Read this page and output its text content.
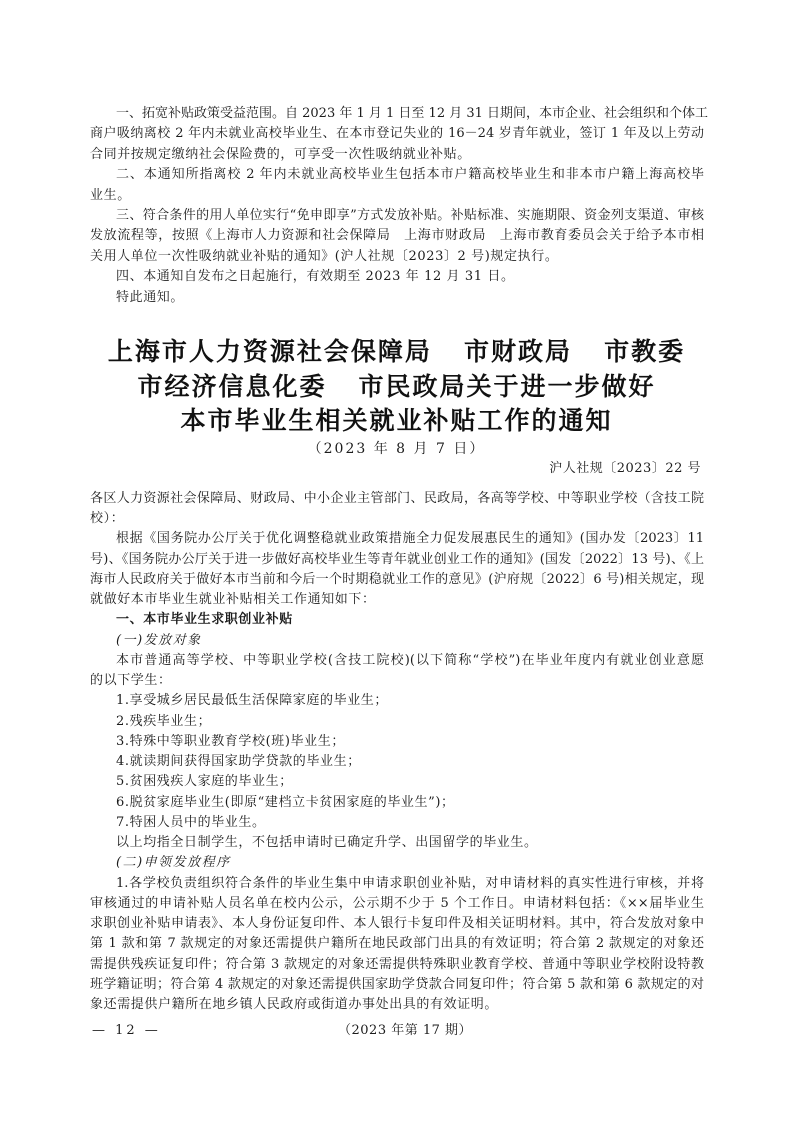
一、拓宽补贴政策受益范围。自 2023 年 1 月 1 日至 12 月 31 日期间，本市企业、社会组织和个体工
商户吸纳离校 2 年内未就业高校毕业生、在本市登记失业的 16－24 岁青年就业，签订 1 年及以上劳动
合同并按规定缴纳社会保险费的，可享受一次性吸纳就业补贴。
二、本通知所指离校 2 年内未就业高校毕业生包括本市户籍高校毕业生和非本市户籍上海高校毕
业生。
三、符合条件的用人单位实行“免申即享”方式发放补贴。补贴标准、实施期限、资金列支渠道、审核
发放流程等，按照《上海市人力资源和社会保障局　上海市财政局　上海市教育委员会关于给予本市相
关用人单位一次性吸纳就业补贴的通知》(沪人社规〔2023〕2 号)规定执行。
四、本通知自发布之日起施行，有效期至 2023 年 12 月 31 日。
特此通知。
上海市人力资源社会保障局   市财政局   市教委
市经济信息化委   市民政局关于进一步做好
本市毕业生相关就业补贴工作的通知
（2023 年 8 月 7 日）
沪人社规〔2023〕22 号
各区人力资源社会保障局、财政局、中小企业主管部门、民政局，各高等学校、中等职业学校（含技工院
校）：
根据《国务院办公厅关于优化调整稳就业政策措施全力促发展惠民生的通知》(国办发〔2023〕11
号)、《国务院办公厅关于进一步做好高校毕业生等青年就业创业工作的通知》(国发〔2022〕13 号)、《上
海市人民政府关于做好本市当前和今后一个时期稳就业工作的意见》(沪府规〔2022〕6 号)相关规定，现
就做好本市毕业生就业补贴相关工作通知如下：
一、本市毕业生求职创业补贴
(一)发放对象
本市普通高等学校、中等职业学校(含技工院校)(以下简称“学校”)在毕业年度内有就业创业意愿
的以下学生：
1.享受城乡居民最低生活保障家庭的毕业生；
2.残疾毕业生；
3.特殊中等职业教育学校(班)毕业生；
4.就读期间获得国家助学贷款的毕业生；
5.贫困残疾人家庭的毕业生；
6.脱贫家庭毕业生(即原“建档立卡贫困家庭的毕业生”)；
7.特困人员中的毕业生。
以上均指全日制学生，不包括申请时已确定升学、出国留学的毕业生。
(二)申领发放程序
1.各学校负责组织符合条件的毕业生集中申请求职创业补贴，对申请材料的真实性进行审核，并将
审核通过的申请补贴人员名单在校内公示，公示期不少于 5 个工作日。申请材料包括：《××届毕业生
求职创业补贴申请表》、本人身份证复印件、本人银行卡复印件及相关证明材料。其中，符合发放对象中
第 1 款和第 7 款规定的对象还需提供户籍所在地民政部门出具的有效证明；符合第 2 款规定的对象还
需提供残疾证复印件；符合第 3 款规定的对象还需提供特殊职业教育学校、普通中等职业学校附设特教
班学籍证明；符合第 4 款规定的对象还需提供国家助学贷款合同复印件；符合第 5 款和第 6 款规定的对
象还需提供户籍所在地乡镇人民政府或街道办事处出具的有效证明。
— 12 —	（2023 年第 17 期）
